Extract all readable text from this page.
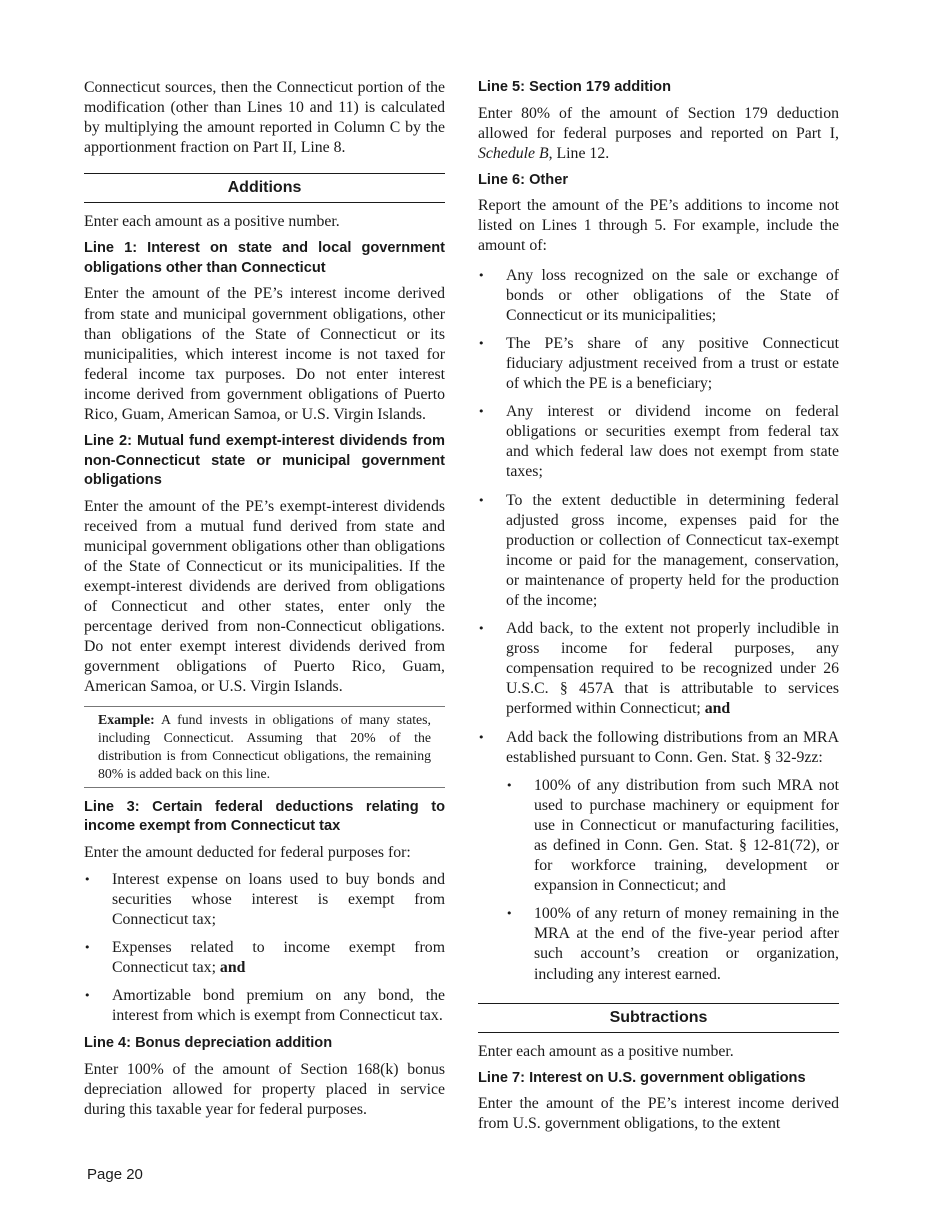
Connecticut sources, then the Connecticut portion of the modification (other than Lines 10 and 11) is calculated by multiplying the amount reported in Column C by the apportionment fraction on Part II, Line 8.

Additions

Enter each amount as a positive number.

Line 1: Interest on state and local government obligations other than Connecticut

Enter the amount of the PE’s interest income derived from state and municipal government obligations, other than obligations of the State of Connecticut or its municipalities, which interest income is not taxed for federal income tax purposes. Do not enter interest income derived from government obligations of Puerto Rico, Guam, American Samoa, or U.S. Virgin Islands.

Line 2: Mutual fund exempt-interest dividends from non-Connecticut state or municipal government obligations

Enter the amount of the PE’s exempt-interest dividends received from a mutual fund derived from state and municipal government obligations other than obligations of the State of Connecticut or its municipalities. If the exempt-interest dividends are derived from obligations of Connecticut and other states, enter only the percentage derived from non-Connecticut obligations. Do not enter exempt interest dividends derived from government obligations of Puerto Rico, Guam, American Samoa, or U.S. Virgin Islands.

Example: A fund invests in obligations of many states, including Connecticut. Assuming that 20% of the distribution is from Connecticut obligations, the remaining 80% is added back on this line.

Line 3: Certain federal deductions relating to income exempt from Connecticut tax

Enter the amount deducted for federal purposes for:

• Interest expense on loans used to buy bonds and securities whose interest is exempt from Connecticut tax;
• Expenses related to income exempt from Connecticut tax; and
• Amortizable bond premium on any bond, the interest from which is exempt from Connecticut tax.
Line 4: Bonus depreciation addition

Enter 100% of the amount of Section 168(k) bonus depreciation allowed for property placed in service during this taxable year for federal purposes.

Line 5: Section 179 addition

Enter 80% of the amount of Section 179 deduction allowed for federal purposes and reported on Part I, Schedule B, Line 12.

Line 6: Other

Report the amount of the PE’s additions to income not listed on Lines 1 through 5. For example, include the amount of:

• Any loss recognized on the sale or exchange of bonds or other obligations of the State of Connecticut or its municipalities;
• The PE’s share of any positive Connecticut fiduciary adjustment received from a trust or estate of which the PE is a beneficiary;
• Any interest or dividend income on federal obligations or securities exempt from federal tax and which federal law does not exempt from state taxes;
• To the extent deductible in determining federal adjusted gross income, expenses paid for the production or collection of Connecticut tax-exempt income or paid for the management, conservation, or maintenance of property held for the production of the income;
• Add back, to the extent not properly includible in gross income for federal purposes, any compensation required to be recognized under 26 U.S.C. § 457A that is attributable to services performed within Connecticut; and
• Add back the following distributions from an MRA established pursuant to Conn. Gen. Stat. § 32-9zz:
• 100% of any distribution from such MRA not used to purchase machinery or equipment for use in Connecticut or manufacturing facilities, as defined in Conn. Gen. Stat. § 12-81(72), or for workforce training, development or expansion in Connecticut; and
• 100% of any return of money remaining in the MRA at the end of the five-year period after such account’s creation or organization, including any interest earned.
Subtractions

Enter each amount as a positive number.

Line 7: Interest on U.S. government obligations

Enter the amount of the PE’s interest income derived from U.S. government obligations, to the extent

Page 20
